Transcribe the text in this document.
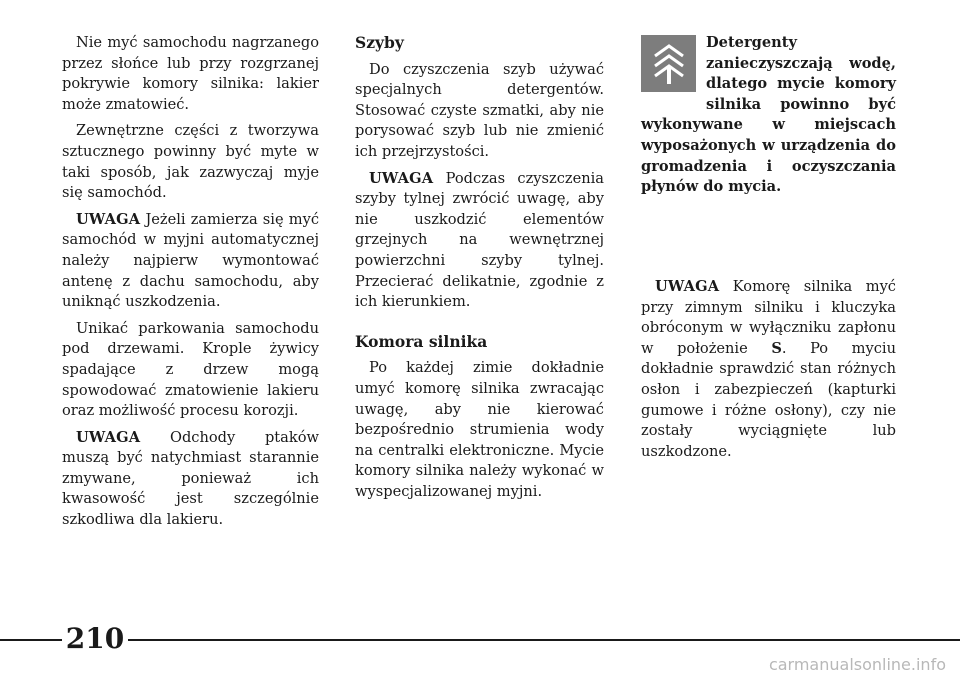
Nie myć samochodu nagrzanego przez słońce lub przy rozgrzanej pokrywie komory silnika: lakier może zmatowieć.

Zewnętrzne części z tworzywa sztucznego powinny być myte w taki sposób, jak zazwyczaj myje się samochód.

UWAGA Jeżeli zamierza się myć samochód w myjni automatycznej należy najpierw wymontować antenę z dachu samochodu, aby uniknąć uszkodzenia.

Unikać parkowania samochodu pod drzewami. Krople żywicy spadające z drzew mogą spowodować zmatowienie lakieru oraz możliwość procesu korozji.

UWAGA Odchody ptaków muszą być natychmiast starannie zmywane, ponieważ ich kwasowość jest szczególnie szkodliwa dla lakieru.

Szyby

Do czyszczenia szyb używać specjalnych detergentów. Stosować czyste szmatki, aby nie porysować szyb lub nie zmienić ich przejrzystości.

UWAGA Podczas czyszczenia szyby tylnej zwrócić uwagę, aby nie uszkodzić elementów grzejnych na wewnętrznej powierzchni szyby tylnej. Przecierać delikatnie, zgodnie z ich kierunkiem.

Komora silnika

Po każdej zimie dokładnie umyć komorę silnika zwracając uwagę, aby nie kierować bezpośrednio strumienia wody na centralki elektroniczne. Mycie komory silnika należy wykonać w wyspecjalizowanej myjni.

Detergenty zanieczyszczają wodę, dlatego mycie komory silnika powinno być wykonywane w miejscach wyposażonych w urządzenia do gromadzenia i oczyszczania płynów do mycia.

UWAGA Komorę silnika myć przy zimnym silniku i kluczyka obróconym w wyłączniku zapłonu w położenie S. Po myciu dokładnie sprawdzić stan różnych osłon i zabezpieczeń (kapturki gumowe i różne osłony), czy nie zostały wyciągnięte lub uszkodzone.

210
carmanualsonline.info
